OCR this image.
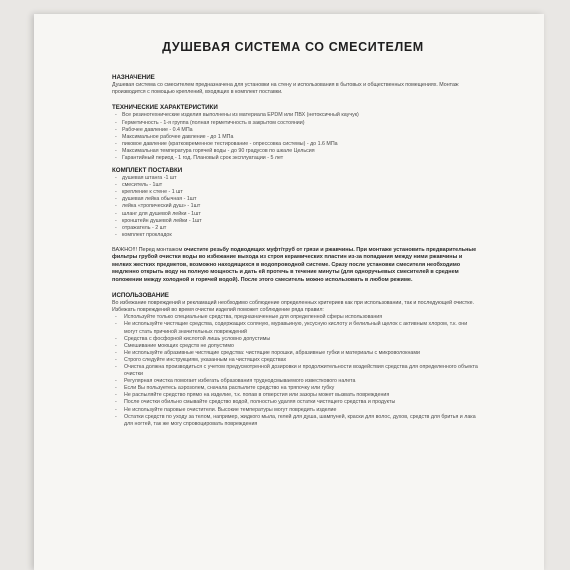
ДУШЕВАЯ СИСТЕМА СО СМЕСИТЕЛЕМ
НАЗНАЧЕНИЕ
Душевая система со смесителем предназначена для установки на стену и использования в бытовых и общественных помещениях. Монтаж производится с помощью креплений, входящих в комплект поставки.
ТЕХНИЧЕСКИЕ ХАРАКТЕРИСТИКИ
- Все резинотехнические изделия выполнены из материала EPDM или ПВХ (нетоксичный каучук)
- Герметичность - 1-я группа (полная герметичность в закрытом состоянии)
- Рабочее давление - 0.4 МПа
- Максимальное рабочее давление - до 1 МПа
- пиковое давление (кратковременное тестирование - опрессовка системы) - до 1.6 МПа
- Максимальная температура горячей воды - до 90 градусов по шкале Цельсия
- Гарантийный период - 1 год. Плановый срок эксплуатации - 5 лет
КОМПЛЕКТ ПОСТАВКИ
- душевая штанга -1 шт
- смеситель - 1шт
- крепление к стене - 1 шт
- душевая лейка обычная - 1шт
- лейка «тропический душ» - 1шт
- шланг для душевой лейки - 1шт
- кронштейн душевой лейки - 1шт
- отражатель - 2 шт
- комплект прокладок

ВАЖНО!!! Перед монтажом очистите резьбу подводящих муфт/труб от грязи и ржавчины. При монтаже установить предварительные фильтры грубой очистки воды во избежание выхода из строя керамических пластин из-за попадания между ними ржавчины и мелких жестких предметов, возможно находящихся в водопроводной системе. Сразу после установки смесителя необходимо медленно открыть воду на полную мощность и дать ей протечь в течение минуты (для одноручьевых смесителей в среднем положении между холодной и горячей водой). После этого смеситель можно использовать в любом режиме.

ИСПОЛЬЗОВАНИЕ
Во избежание повреждений и рекламаций необходимо соблюдение определенных критериев как при использовании, так и последующей очистке. Избежать повреждений во время очистки изделий поможет соблюдение ряда правил:
- Используйте только специальные средства, предназначенные для определенной сферы использования
- Не используйте чистящие средства, содержащих соляную, муравьиную, уксусную кислоту и белильный щелок с активным хлором, т.к. они могут стать причиной значительных повреждений
- Средства с фосфорной кислотой лишь условно допустимы
- Смешивание моющих средств не допустимо
- Не используйте абразивные чистящие средства: чистящие порошки, абразивные губки и материалы с микроволокнами
- Строго следуйте инструкциям, указанным на чистящих средствах
- Очистка должна производиться с учетом предусмотренной дозировки и продолжительности воздействия средства для определенного объекта очистки
- Регулярная очистка помогает избегать образования труднодсмываемого известкового налета
- Если Вы пользуетесь аэрозолем, сначала распылите средство на тряпочку или губку
- Не распыляйте средство прямо на изделие, т.к. попав в отверстия или зазоры может вызвать повреждения
- После очистки обильно смывайте средство водой, полностью удаляя остатки чистящего средства и продукты
- Не используйте паровые очистители. Высокие температуры могут повредить изделие
- Остатки средств по уходу за телом, например, жидкого мыла, гелей для душа, шампуней, краски для волос, духов, средств для бритья и лака для ногтей, так же могу спровоцировать повреждения
